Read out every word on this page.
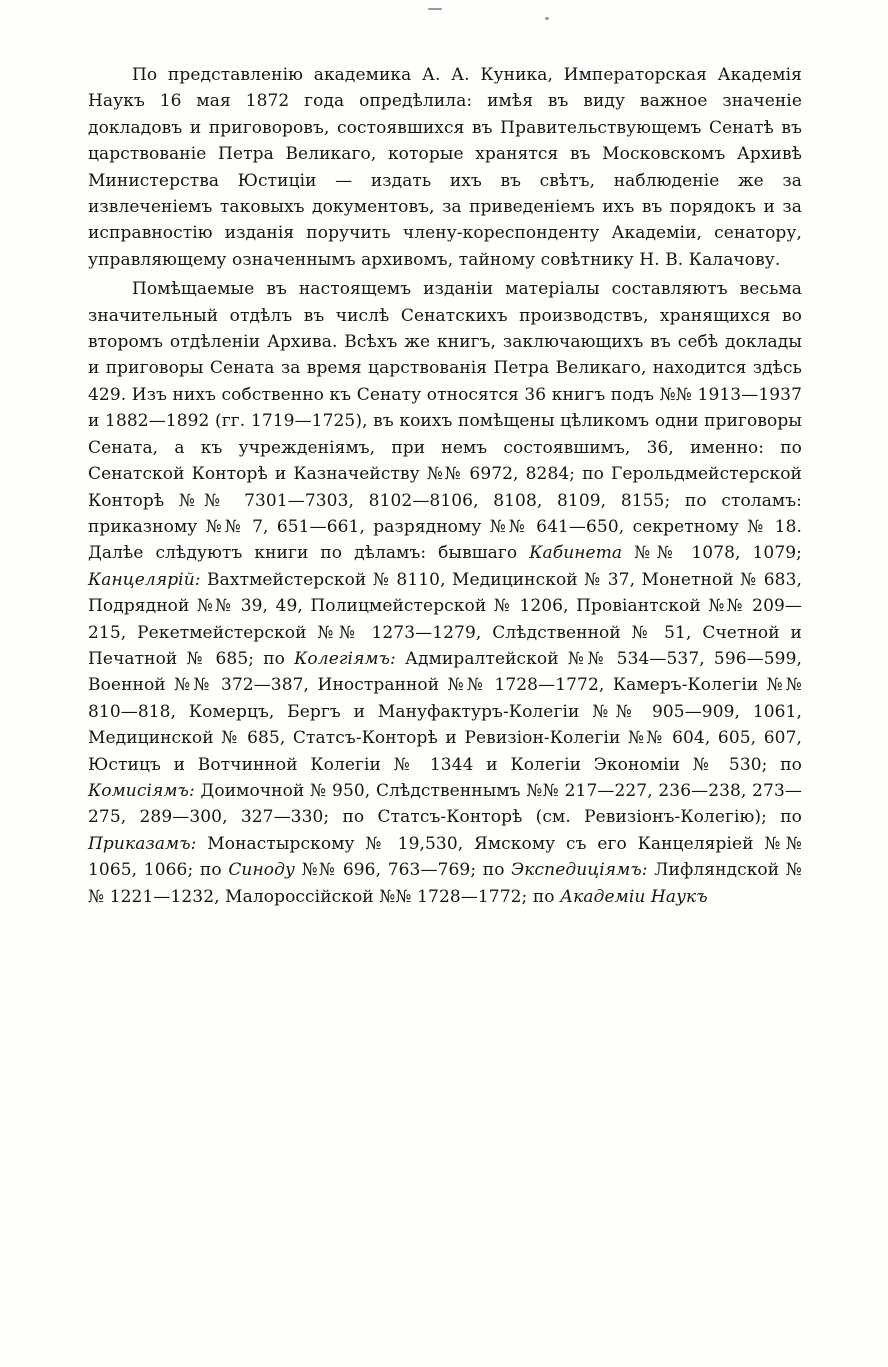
По представленію академика А. А. Куника, Императорская Академія Наукъ 16 мая 1872 года опредѣлила: имѣя въ виду важное значеніе докладовъ и приговоровъ, состоявшихся въ Правительствующемъ Сенатѣ въ царствованіе Петра Великаго, которые хранятся въ Московскомъ Архивѣ Министерства Юстиціи — издать ихъ въ свѣтъ, наблюденіе же за извлеченіемъ таковыхъ документовъ, за приведеніемъ ихъ въ порядокъ и за исправностію изданія поручить члену-кореспонденту Академіи, сенатору, управляющему означеннымъ архивомъ, тайному совѣтнику Н. В. Калачову.

Помѣщаемые въ настоящемъ изданіи матеріалы составляютъ весьма значительный отдѣлъ въ числѣ Сенатскихъ производствъ, хранящихся во второмъ отдѣленіи Архива. Всѣхъ же книгъ, заключающихъ въ себѣ доклады и приговоры Сената за время царствованія Петра Великаго, находится здѣсь 429. Изъ нихъ собственно къ Сенату относятся 36 книгъ подъ №№ 1913—1937 и 1882—1892 (гг. 1719—1725), въ коихъ помѣщены цѣликомъ одни приговоры Сената, а къ учрежденіямъ, при немъ состоявшимъ, 36, именно: по Сенатской Конторѣ и Казначейству №№ 6972, 8284; по Герольдмейстерской Конторѣ №№ 7301—7303, 8102—8106, 8108, 8109, 8155; по столамъ: приказному №№ 7, 651—661, разрядному №№ 641—650, секретному № 18. Далѣе слѣдуютъ книги по дѣламъ: бывшаго Кабинета №№ 1078, 1079; Канцелярій: Вахтмейстерской № 8110, Медицинской № 37, Монетной № 683, Подрядной №№ 39, 49, Полицмейстерской № 1206, Провіантской №№ 209—215, Рекетмейстерской №№ 1273—1279, Слѣдственной № 51, Счетной и Печатной № 685; по Колегіямъ: Адмиралтейской №№ 534—537, 596—599, Военной №№ 372—387, Иностранной №№ 1728—1772, Камеръ-Колегіи №№ 810—818, Комерцъ, Бергъ и Мануфактуръ-Колегіи №№ 905—909, 1061, Медицинской № 685, Статсъ-Конторѣ и Ревизіон-Колегіи №№ 604, 605, 607, Юстицъ и Вотчинной Колегіи № 1344 и Колегіи Экономіи № 530; по Комисіямъ: Доимочной № 950, Слѣдственнымъ №№ 217—227, 236—238, 273—275, 289—300, 327—330; по Статсъ-Конторѣ (см. Ревизіонъ-Колегію); по Приказамъ: Монастырскому № 19,530, Ямскому съ его Канцеляріей №№ 1065, 1066; по Синоду №№ 696, 763—769; по Экспедиціямъ: Лифляндской №№ 1221—1232, Малороссійской №№ 1728—1772; по Академіи Наукъ
